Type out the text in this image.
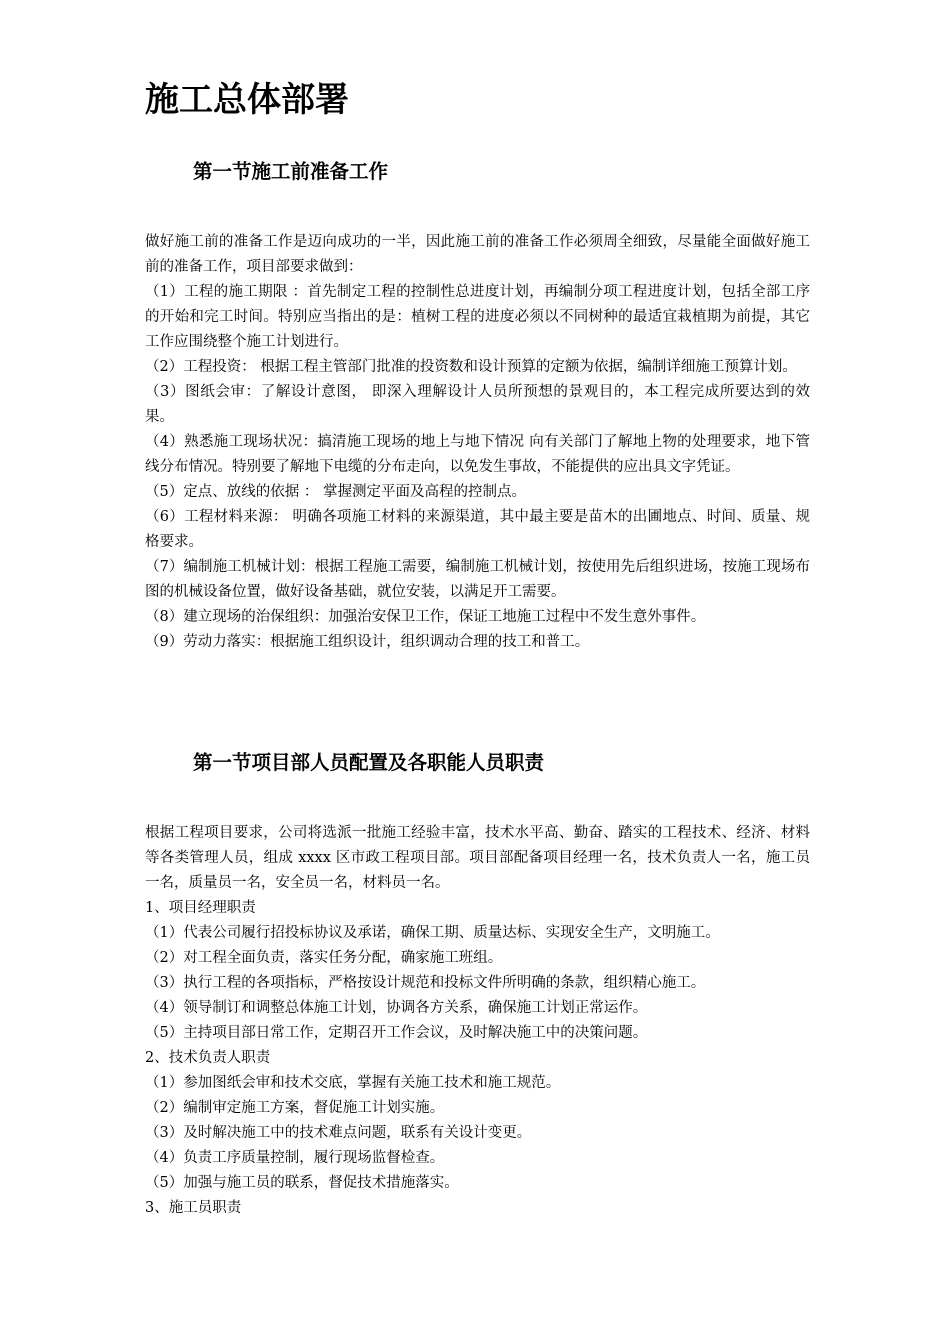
施工总体部署
第一节施工前准备工作

做好施工前的准备工作是迈向成功的一半，因此施工前的准备工作必须周全细致，尽量能全面做好施工前的准备工作，项目部要求做到：

（1）工程的施工期限 ：首先制定工程的控制性总进度计划，再编制分项工程进度计划，包括全部工序的开始和完工时间。特别应当指出的是：植树工程的进度必须以不同树种的最适宜栽植期为前提，其它工作应围绕整个施工计划进行。

（2）工程投资： 根据工程主管部门批准的投资数和设计预算的定额为依据，编制详细施工预算计划。

（3）图纸会审：了解设计意图， 即深入理解设计人员所预想的景观目的，本工程完成所要达到的效果。

（4）熟悉施工现场状况：搞清施工现场的地上与地下情况 向有关部门了解地上物的处理要求，地下管线分布情况。特别要了解地下电缆的分布走向，以免发生事故，不能提供的应出具文字凭证。

（5）定点、放线的依据 ： 掌握测定平面及高程的控制点。

（6）工程材料来源： 明确各项施工材料的来源渠道，其中最主要是苗木的出圃地点、时间、质量、规格要求。

（7）编制施工机械计划：根据工程施工需要，编制施工机械计划，按使用先后组织进场，按施工现场布图的机械设备位置，做好设备基础，就位安装，以满足开工需要。

（8）建立现场的治保组织：加强治安保卫工作，保证工地施工过程中不发生意外事件。

（9）劳动力落实：根据施工组织设计，组织调动合理的技工和普工。

第一节项目部人员配置及各职能人员职责

根据工程项目要求，公司将选派一批施工经验丰富，技术水平高、勤奋、踏实的工程技术、经济、材料等各类管理人员，组成 xxxx 区市政工程项目部。项目部配备项目经理一名，技术负责人一名，施工员一名，质量员一名，安全员一名，材料员一名。

1、项目经理职责

（1）代表公司履行招投标协议及承诺，确保工期、质量达标、实现安全生产，文明施工。

（2）对工程全面负责，落实任务分配，确家施工班组。

（3）执行工程的各项指标，严格按设计规范和投标文件所明确的条款，组织精心施工。

（4）领导制订和调整总体施工计划，协调各方关系，确保施工计划正常运作。

（5）主持项目部日常工作，定期召开工作会议，及时解决施工中的决策问题。

2、技术负责人职责

（1）参加图纸会审和技术交底，掌握有关施工技术和施工规范。

（2）编制审定施工方案，督促施工计划实施。

（3）及时解决施工中的技术难点问题，联系有关设计变更。

（4）负责工序质量控制，履行现场监督检查。

（5）加强与施工员的联系，督促技术措施落实。

3、施工员职责
